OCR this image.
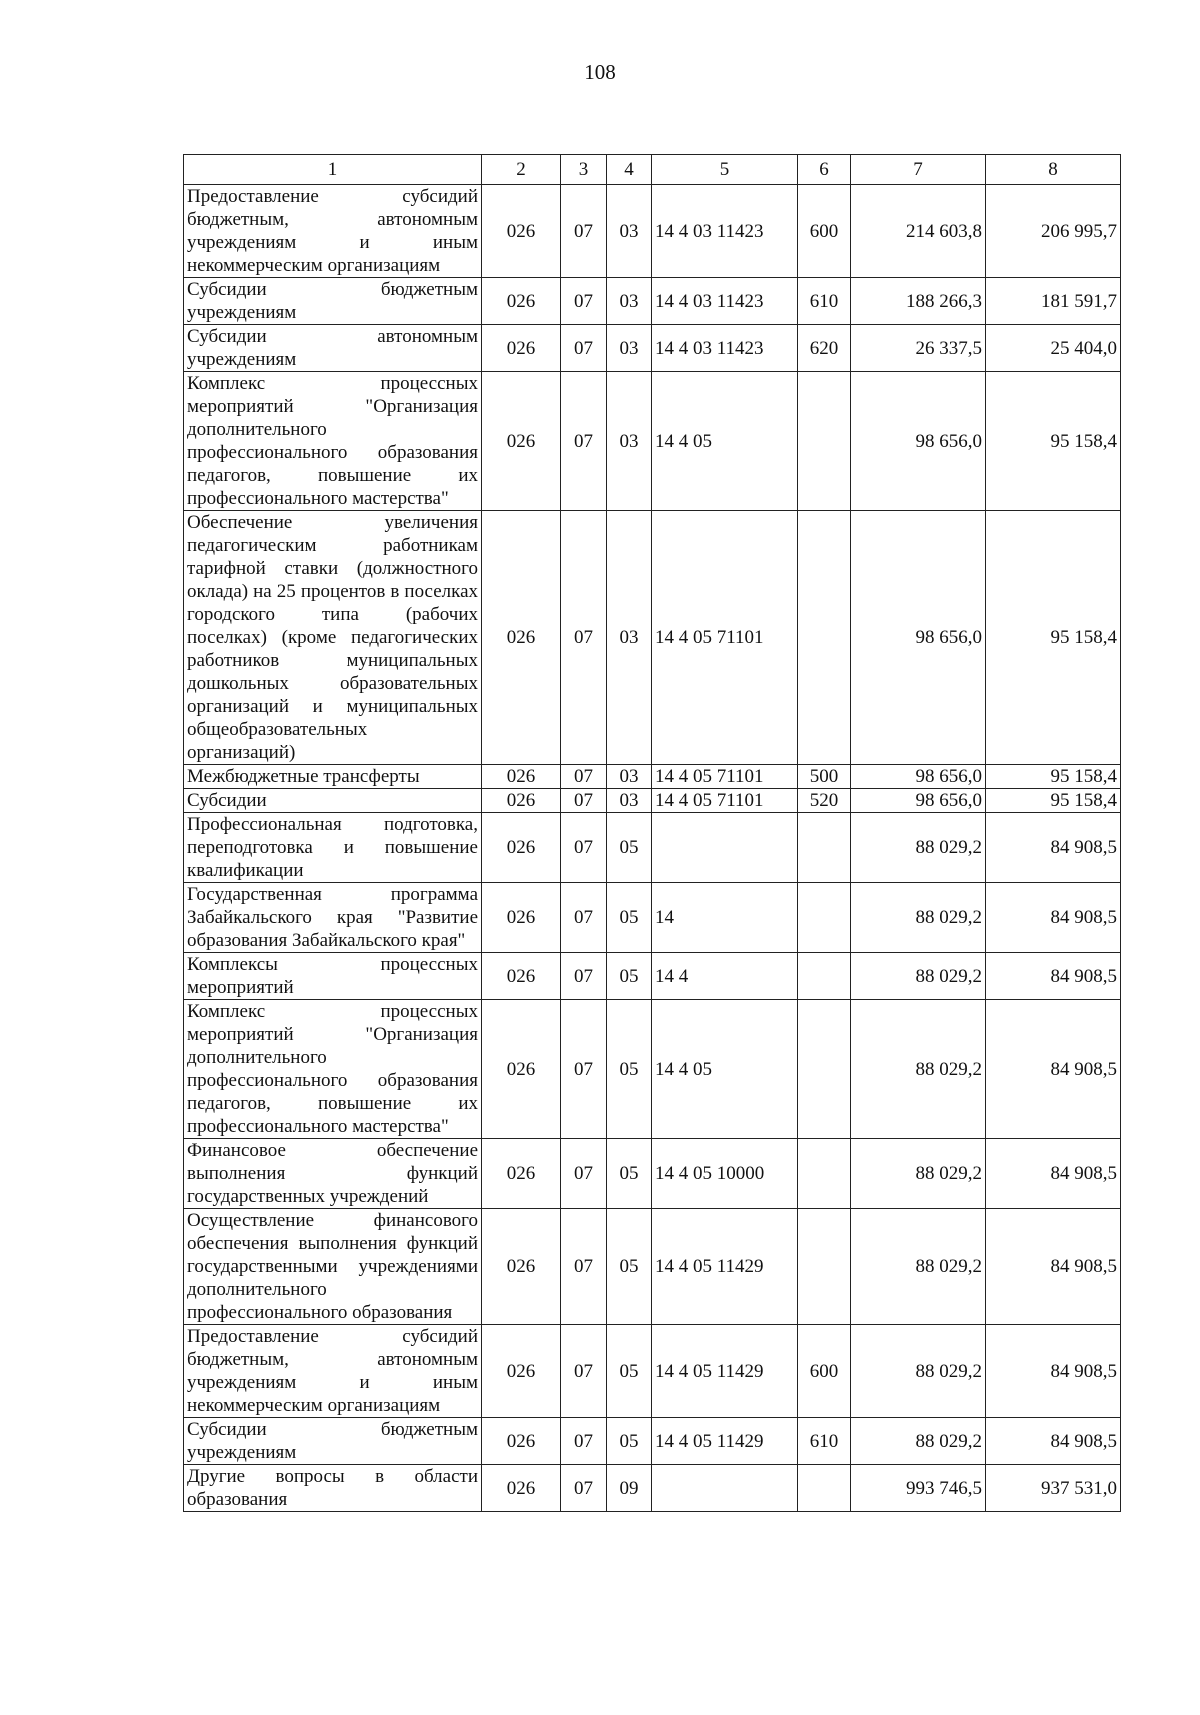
108
1	2	3	4	5	6	7	8
Предоставление субсидий бюджетным, автономным учреждениям и иным некоммерческим организациям	026	07	03	14 4 03 11423	600	214 603,8	206 995,7
Субсидии бюджетным учреждениям	026	07	03	14 4 03 11423	610	188 266,3	181 591,7
Субсидии автономным учреждениям	026	07	03	14 4 03 11423	620	26 337,5	25 404,0
Комплекс процессных мероприятий "Организация дополнительного профессионального образования педагогов, повышение их профессионального мастерства"	026	07	03	14 4 05		98 656,0	95 158,4
Обеспечение увеличения педагогическим работникам тарифной ставки (должностного оклада) на 25 процентов в поселках городского типа (рабочих поселках) (кроме педагогических работников муниципальных дошкольных образовательных организаций и муниципальных общеобразовательных организаций)	026	07	03	14 4 05 71101		98 656,0	95 158,4
Межбюджетные трансферты	026	07	03	14 4 05 71101	500	98 656,0	95 158,4
Субсидии	026	07	03	14 4 05 71101	520	98 656,0	95 158,4
Профессиональная подготовка, переподготовка и повышение квалификации	026	07	05			88 029,2	84 908,5
Государственная программа Забайкальского края "Развитие образования Забайкальского края"	026	07	05	14		88 029,2	84 908,5
Комплексы процессных мероприятий	026	07	05	14 4		88 029,2	84 908,5
Комплекс процессных мероприятий "Организация дополнительного профессионального образования педагогов, повышение их профессионального мастерства"	026	07	05	14 4 05		88 029,2	84 908,5
Финансовое обеспечение выполнения функций государственных учреждений	026	07	05	14 4 05 10000		88 029,2	84 908,5
Осуществление финансового обеспечения выполнения функций государственными учреждениями дополнительного профессионального образования	026	07	05	14 4 05 11429		88 029,2	84 908,5
Предоставление субсидий бюджетным, автономным учреждениям и иным некоммерческим организациям	026	07	05	14 4 05 11429	600	88 029,2	84 908,5
Субсидии бюджетным учреждениям	026	07	05	14 4 05 11429	610	88 029,2	84 908,5
Другие вопросы в области образования	026	07	09			993 746,5	937 531,0
